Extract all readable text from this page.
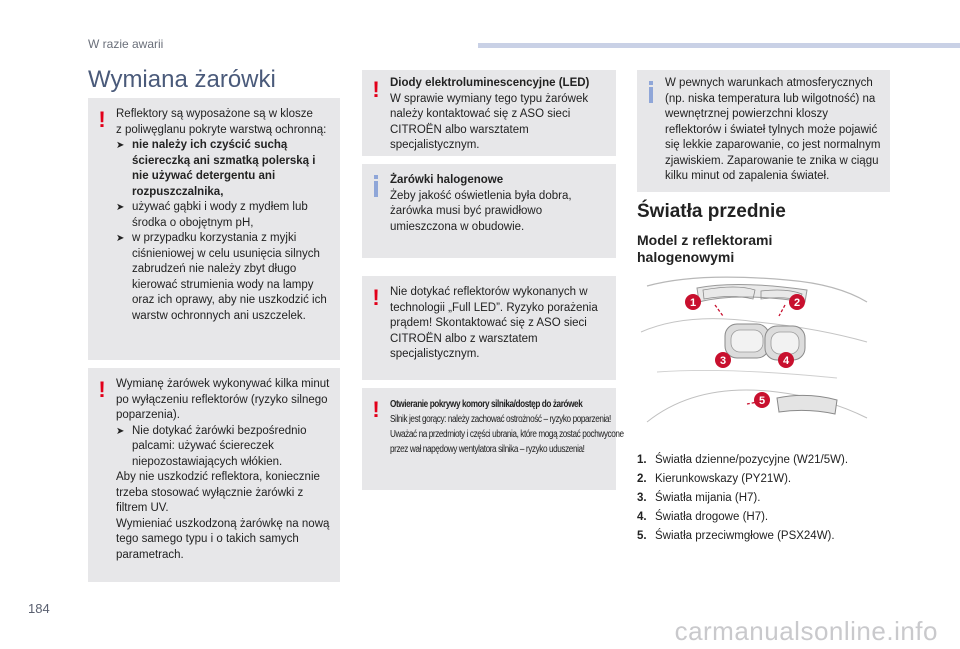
W razie awarii
Wymiana żarówki
! Reflektory są wyposażone są w klosze
z poliwęglanu pokryte warstwą ochronną:
➤ nie należy ich czyścić suchą ściereczką ani szmatką polerską i nie używać detergentu ani rozpuszczalnika,
➤ używać gąbki i wody z mydłem lub środka o obojętnym pH,
➤ w przypadku korzystania z myjki ciśnieniowej w celu usunięcia silnych zabrudzeń nie należy zbyt długo kierować strumienia wody na lampy oraz ich oprawy, aby nie uszkodzić ich warstw ochronnych ani uszczelek.
! Wymianę żarówek wykonywać kilka minut po wyłączeniu reflektorów (ryzyko silnego poparzenia).
➤ Nie dotykać żarówki bezpośrednio palcami: używać ściereczek niepozostawiających włókien.
Aby nie uszkodzić reflektora, koniecznie trzeba stosować wyłącznie żarówki z filtrem UV.
Wymieniać uszkodzoną żarówkę na nową tego samego typu i o takich samych parametrach.
! Diody elektroluminescencyjne (LED)
W sprawie wymiany tego typu żarówek należy kontaktować się z ASO sieci CITROËN albo warsztatem specjalistycznym.
Żarówki halogenowe
Żeby jakość oświetlenia była dobra, żarówka musi być prawidłowo umieszczona w obudowie.
! Nie dotykać reflektorów wykonanych w technologii „Full LED”. Ryzyko porażenia prądem! Skontaktować się z ASO sieci CITROËN albo z warsztatem specjalistycznym.
! Otwieranie pokrywy komory silnika/dostęp do żarówek
Silnik jest gorący: należy zachować ostrożność – ryzyko poparzenia!
Uważać na przedmioty i części ubrania, które mogą zostać pochwycone przez wał napędowy wentylatora silnika – ryzyko uduszenia!
W pewnych warunkach atmosferycznych (np. niska temperatura lub wilgotność) na wewnętrznej powierzchni kloszy reflektorów i świateł tylnych może pojawić się lekkie zaparowanie, co jest normalnym zjawiskiem. Zaparowanie te znika w ciągu kilku minut od zapalenia świateł.
Światła przednie
Model z reflektorami halogenowymi
1	2
3	4
5
1. Światła dzienne/pozycyjne (W21/5W).
2. Kierunkowskazy (PY21W).
3. Światła mijania (H7).
4. Światła drogowe (H7).
5. Światła przeciwmgłowe (PSX24W).
184
carmanualsonline.info
